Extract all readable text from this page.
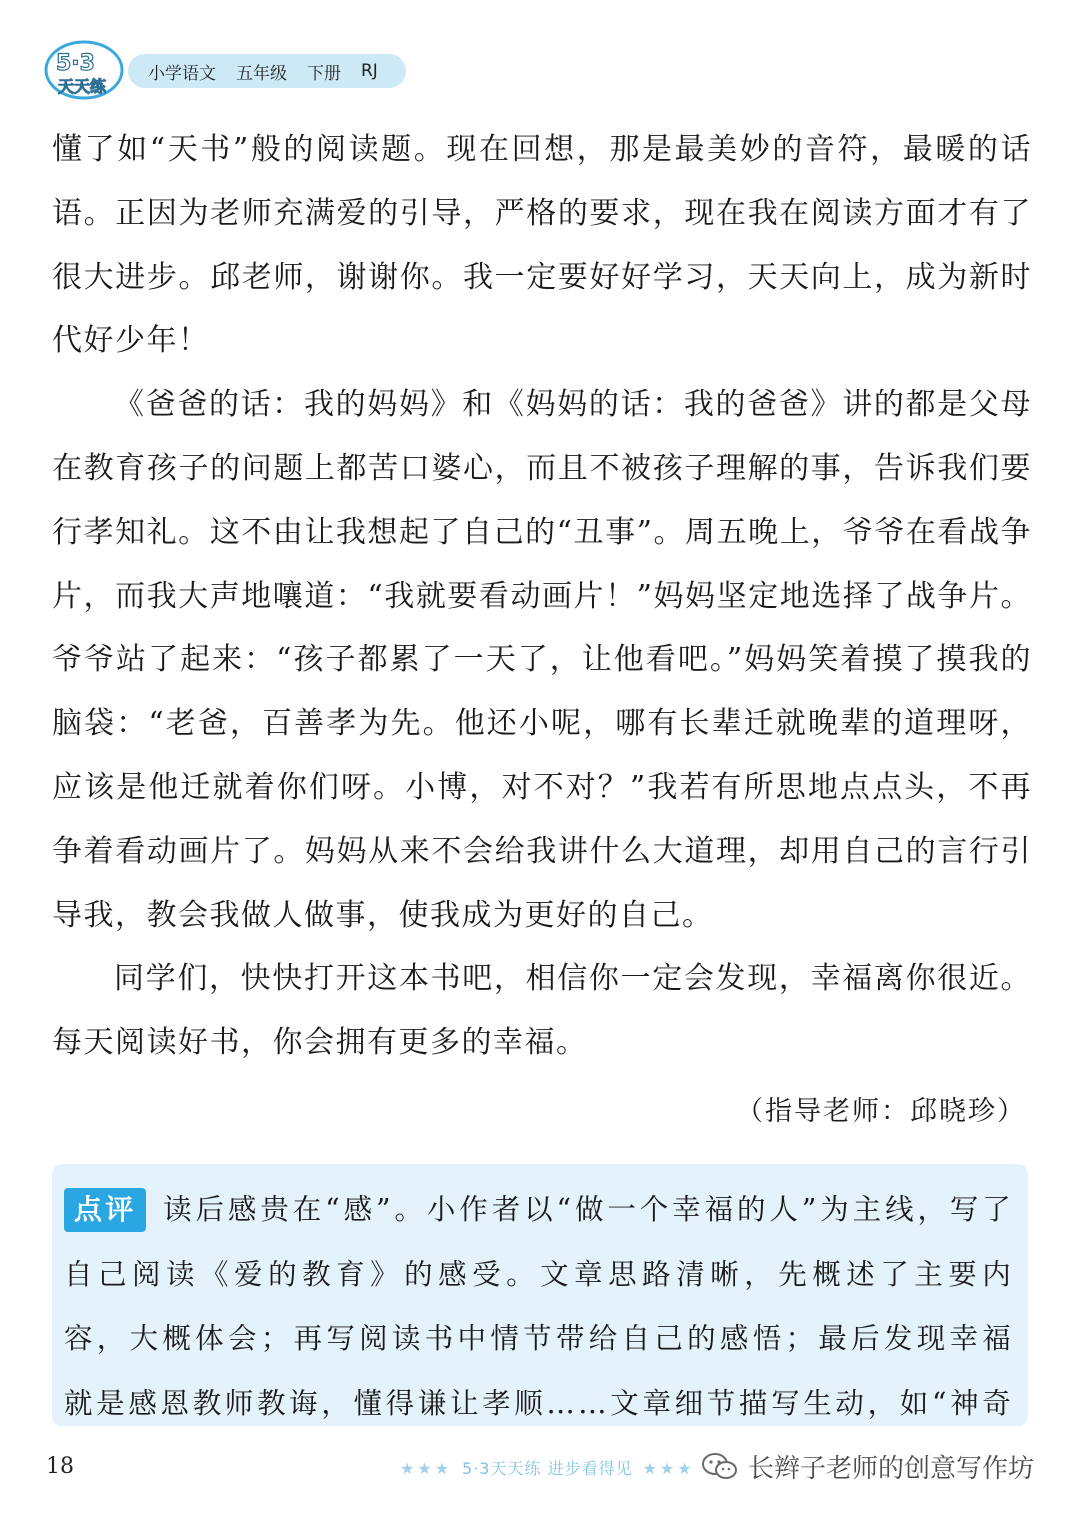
5·3
天天练
小学语文 五年级 下册 RJ

懂了如“天书”般的阅读题。现在回想，那是最美妙的音符，最暖的话语。正因为老师充满爱的引导，严格的要求，现在我在阅读方面才有了很大进步。邱老师，谢谢你。我一定要好好学习，天天向上，成为新时代好少年！

《爸爸的话：我的妈妈》和《妈妈的话：我的爸爸》讲的都是父母在教育孩子的问题上都苦口婆心，而且不被孩子理解的事，告诉我们要行孝知礼。这不由让我想起了自己的“丑事”。周五晚上，爷爷在看战争片，而我大声地嚷道：“我就要看动画片！”妈妈坚定地选择了战争片。爷爷站了起来：“孩子都累了一天了，让他看吧。”妈妈笑着摸了摸我的脑袋：“老爸，百善孝为先。他还小呢，哪有长辈迁就晚辈的道理呀，应该是他迁就着你们呀。小博，对不对？”我若有所思地点点头，不再争着看动画片了。妈妈从来不会给我讲什么大道理，却用自己的言行引导我，教会我做人做事，使我成为更好的自己。

同学们，快快打开这本书吧，相信你一定会发现，幸福离你很近。每天阅读好书，你会拥有更多的幸福。

（指导老师：邱晓珍）

点评 读后感贵在“感”。小作者以“做一个幸福的人”为主线，写了自己阅读《爱的教育》的感受。文章思路清晰，先概述了主要内容，大概体会；再写阅读书中情节带给自己的感悟；最后发现幸福就是感恩教师教诲，懂得谦让孝顺……文章细节描写生动，如“神奇

18	★★★ 5·3天天练 进步看得见 ★★★	长辫子老师的创意写作坊
